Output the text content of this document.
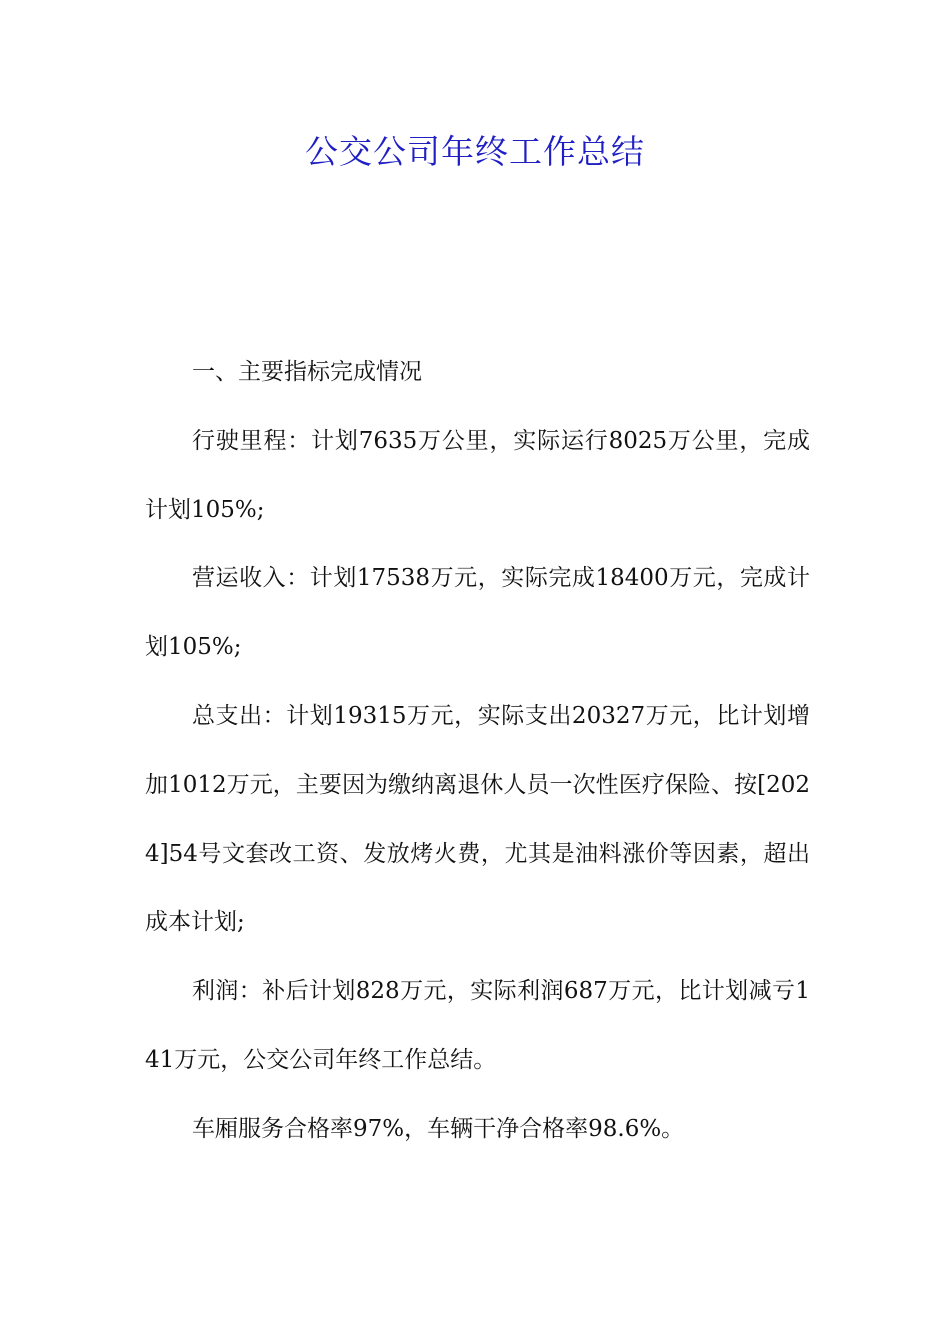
公交公司年终工作总结

一、主要指标完成情况

行驶里程：计划7635万公里，实际运行8025万公里，完成计划105%;

营运收入：计划17538万元，实际完成18400万元，完成计划105%;

总支出：计划19315万元，实际支出20327万元，比计划增加1012万元，主要因为缴纳离退休人员一次性医疗保险、按[2024]54号文套改工资、发放烤火费，尤其是油料涨价等因素，超出成本计划;

利润：补后计划828万元，实际利润687万元，比计划减亏141万元，公交公司年终工作总结。

车厢服务合格率97%，车辆干净合格率98.6%。
